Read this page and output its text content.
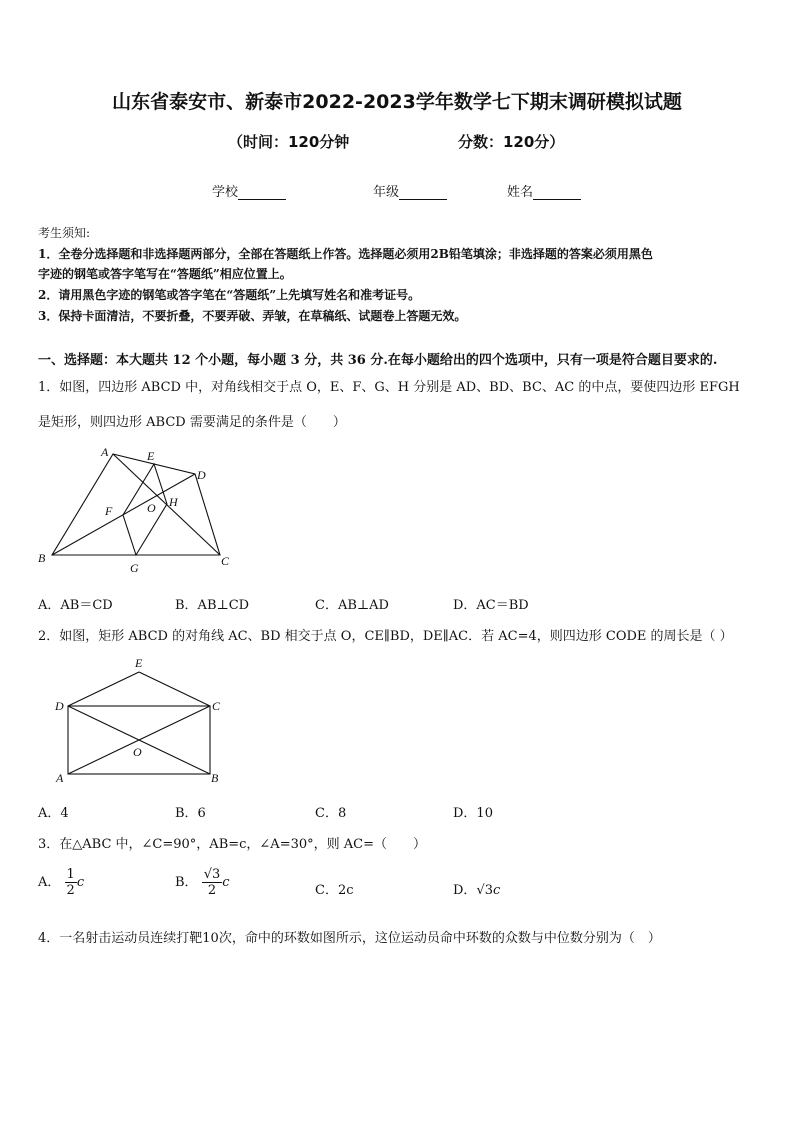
山东省泰安市、新泰市2022-2023学年数学七下期末调研模拟试题
（时间：120分钟	分数：120分）
学校	年级	姓名
考生须知:
1．全卷分选择题和非选择题两部分，全部在答题纸上作答。选择题必须用2B铅笔填涂；非选择题的答案必须用黑色
字迹的钢笔或答字笔写在“答题纸”相应位置上。
2．请用黑色字迹的钢笔或答字笔在“答题纸”上先填写姓名和准考证号。
3．保持卡面清洁，不要折叠，不要弄破、弄皱，在草稿纸、试题卷上答题无效。
一、选择题：本大题共 12 个小题，每小题 3 分，共 36 分.在每小题给出的四个选项中，只有一项是符合题目要求的.
1．如图，四边形 ABCD 中，对角线相交于点 O，E、F、G、H 分别是 AD、BD、BC、AC 的中点，要使四边形 EFGH
是矩形，则四边形 ABCD 需要满足的条件是（　　）
A	E
D
F	O H
B
G	C
A．AB＝CD	B．AB⊥CD	C．AB⊥AD	D．AC＝BD
2．如图，矩形 ABCD 的对角线 AC、BD 相交于点 O，CE∥BD，DE∥AC．若 AC=4，则四边形 CODE 的周长是（ ）
E
D	C
O
A	B
A．4	B．6	C．8	D．10
3．在△ABC 中，∠C=90°，AB=c，∠A=30°，则 AC=（　　）
A． $\frac{1}{2}$ c	B． $\frac{√3}{2}$ c
C．2c	D．√3c
4．一名射击运动员连续打靶10次，命中的环数如图所示，这位运动员命中环数的众数与中位数分别为（　）
